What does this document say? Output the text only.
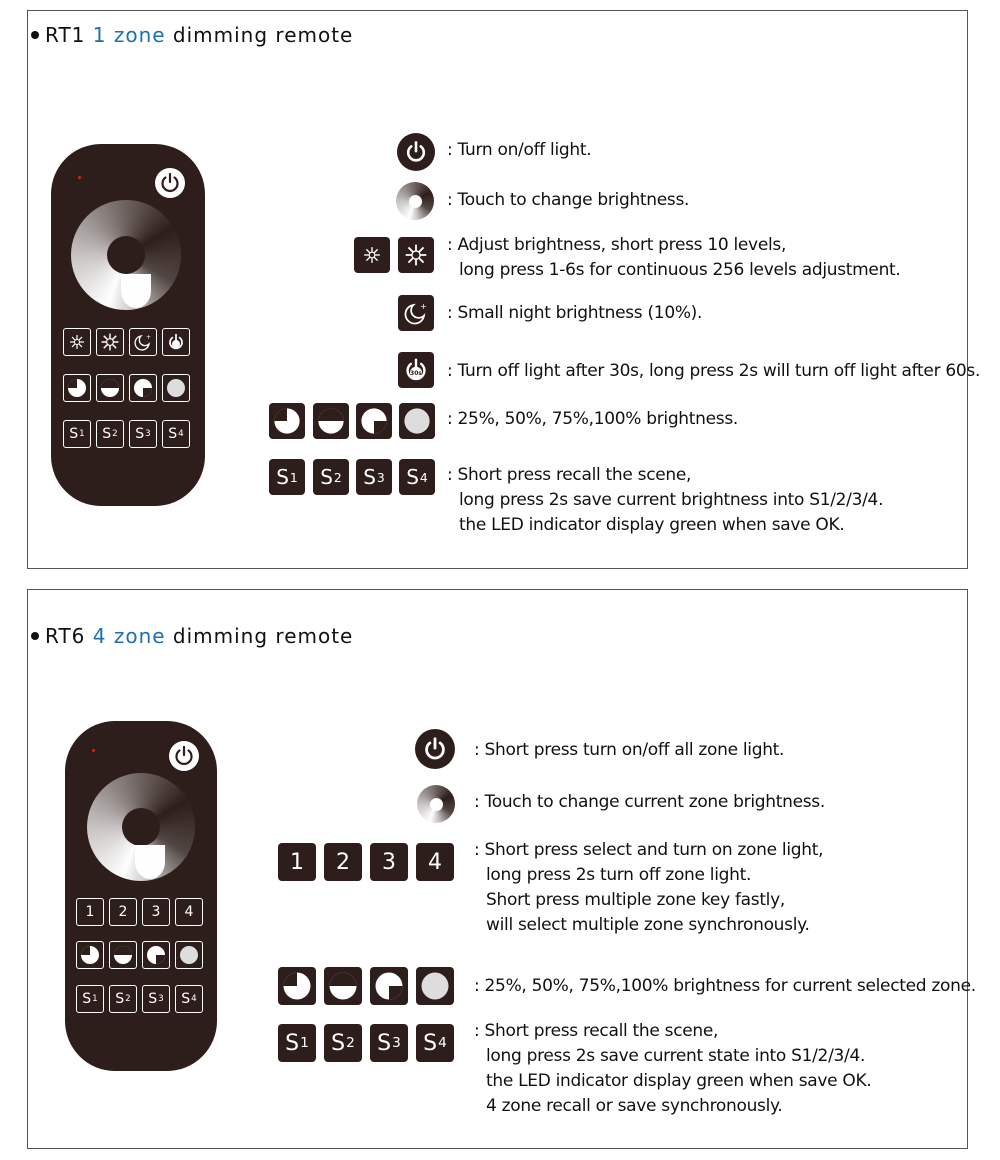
RT1 1 zone dimming remote
+
S 1 S 2 S 3 S 4
: Turn on/off light.
: Touch to change brightness.
: Adjust brightness, short press 10 levels,
long press 1-6s for continuous 256 levels adjustment.
+ : Small night brightness (10%).
30s : Turn off light after 30s, long press 2s will turn off light after 60s.
: 25%, 50%, 75%,100% brightness.
S 1 S 2 S 3 S 4 : Short press recall the scene,
long press 2s save current brightness into S1/2/3/4.
the LED indicator display green when save OK.
RT6 4 zone dimming remote
1	2	3	4
S 1 S 2 S 3 S 4
: Short press turn on/off all zone light.
: Touch to change current zone brightness.
1	2	3	4	: Short press select and turn on zone light,
long press 2s turn off zone light.
Short press multiple zone key fastly,
will select multiple zone synchronously.
: 25%, 50%, 75%,100% brightness for current selected zone.
S 1 S 2 S 3 S 4
: Short press recall the scene,
long press 2s save current state into S1/2/3/4.
the LED indicator display green when save OK.
4 zone recall or save synchronously.
